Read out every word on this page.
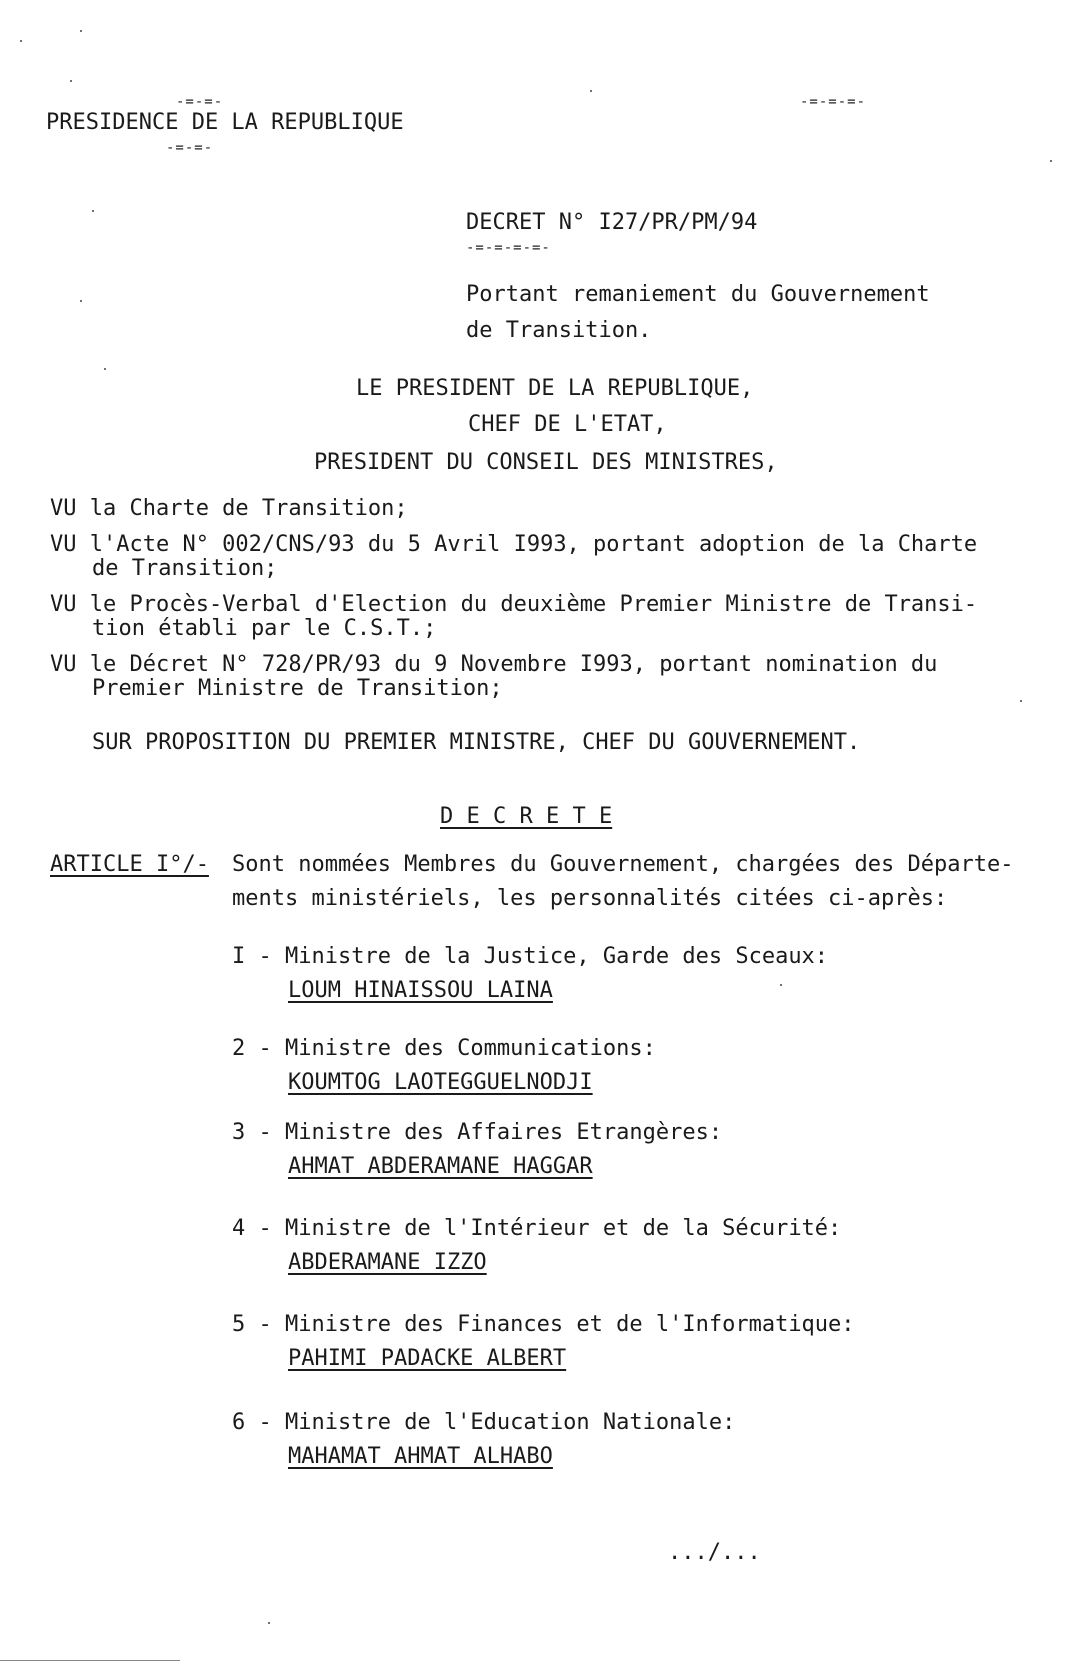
-=-=-
PRESIDENCE DE LA REPUBLIQUE
-=-=-
-=-=-=-
DECRET N° I27/PR/PM/94
-=-=-=-=-
Portant remaniement du Gouvernement
de Transition.
LE PRESIDENT DE LA REPUBLIQUE,
CHEF DE L'ETAT,
PRESIDENT DU CONSEIL DES MINISTRES,
VU la Charte de Transition;
VU l'Acte N° 002/CNS/93 du 5 Avril I993, portant adoption de la Charte
de Transition;
VU le Procès-Verbal d'Election du deuxième Premier Ministre de Transi-
tion établi par le C.S.T.;
VU le Décret N° 728/PR/93 du 9 Novembre I993, portant nomination du
Premier Ministre de Transition;
SUR PROPOSITION DU PREMIER MINISTRE, CHEF DU GOUVERNEMENT.
D E C R E T E
ARTICLE I°/- Sont nommées Membres du Gouvernement, chargées des Départe-
ments ministériels, les personnalités citées ci-après:
I - Ministre de la Justice, Garde des Sceaux:
LOUM HINAISSOU LAINA
2 - Ministre des Communications:
KOUMTOG LAOTEGGUELNODJI
3 - Ministre des Affaires Etrangères:
AHMAT ABDERAMANE HAGGAR
4 - Ministre de l'Intérieur et de la Sécurité:
ABDERAMANE IZZO
5 - Ministre des Finances et de l'Informatique:
PAHIMI PADACKE ALBERT
6 - Ministre de l'Education Nationale:
MAHAMAT AHMAT ALHABO
.../...
